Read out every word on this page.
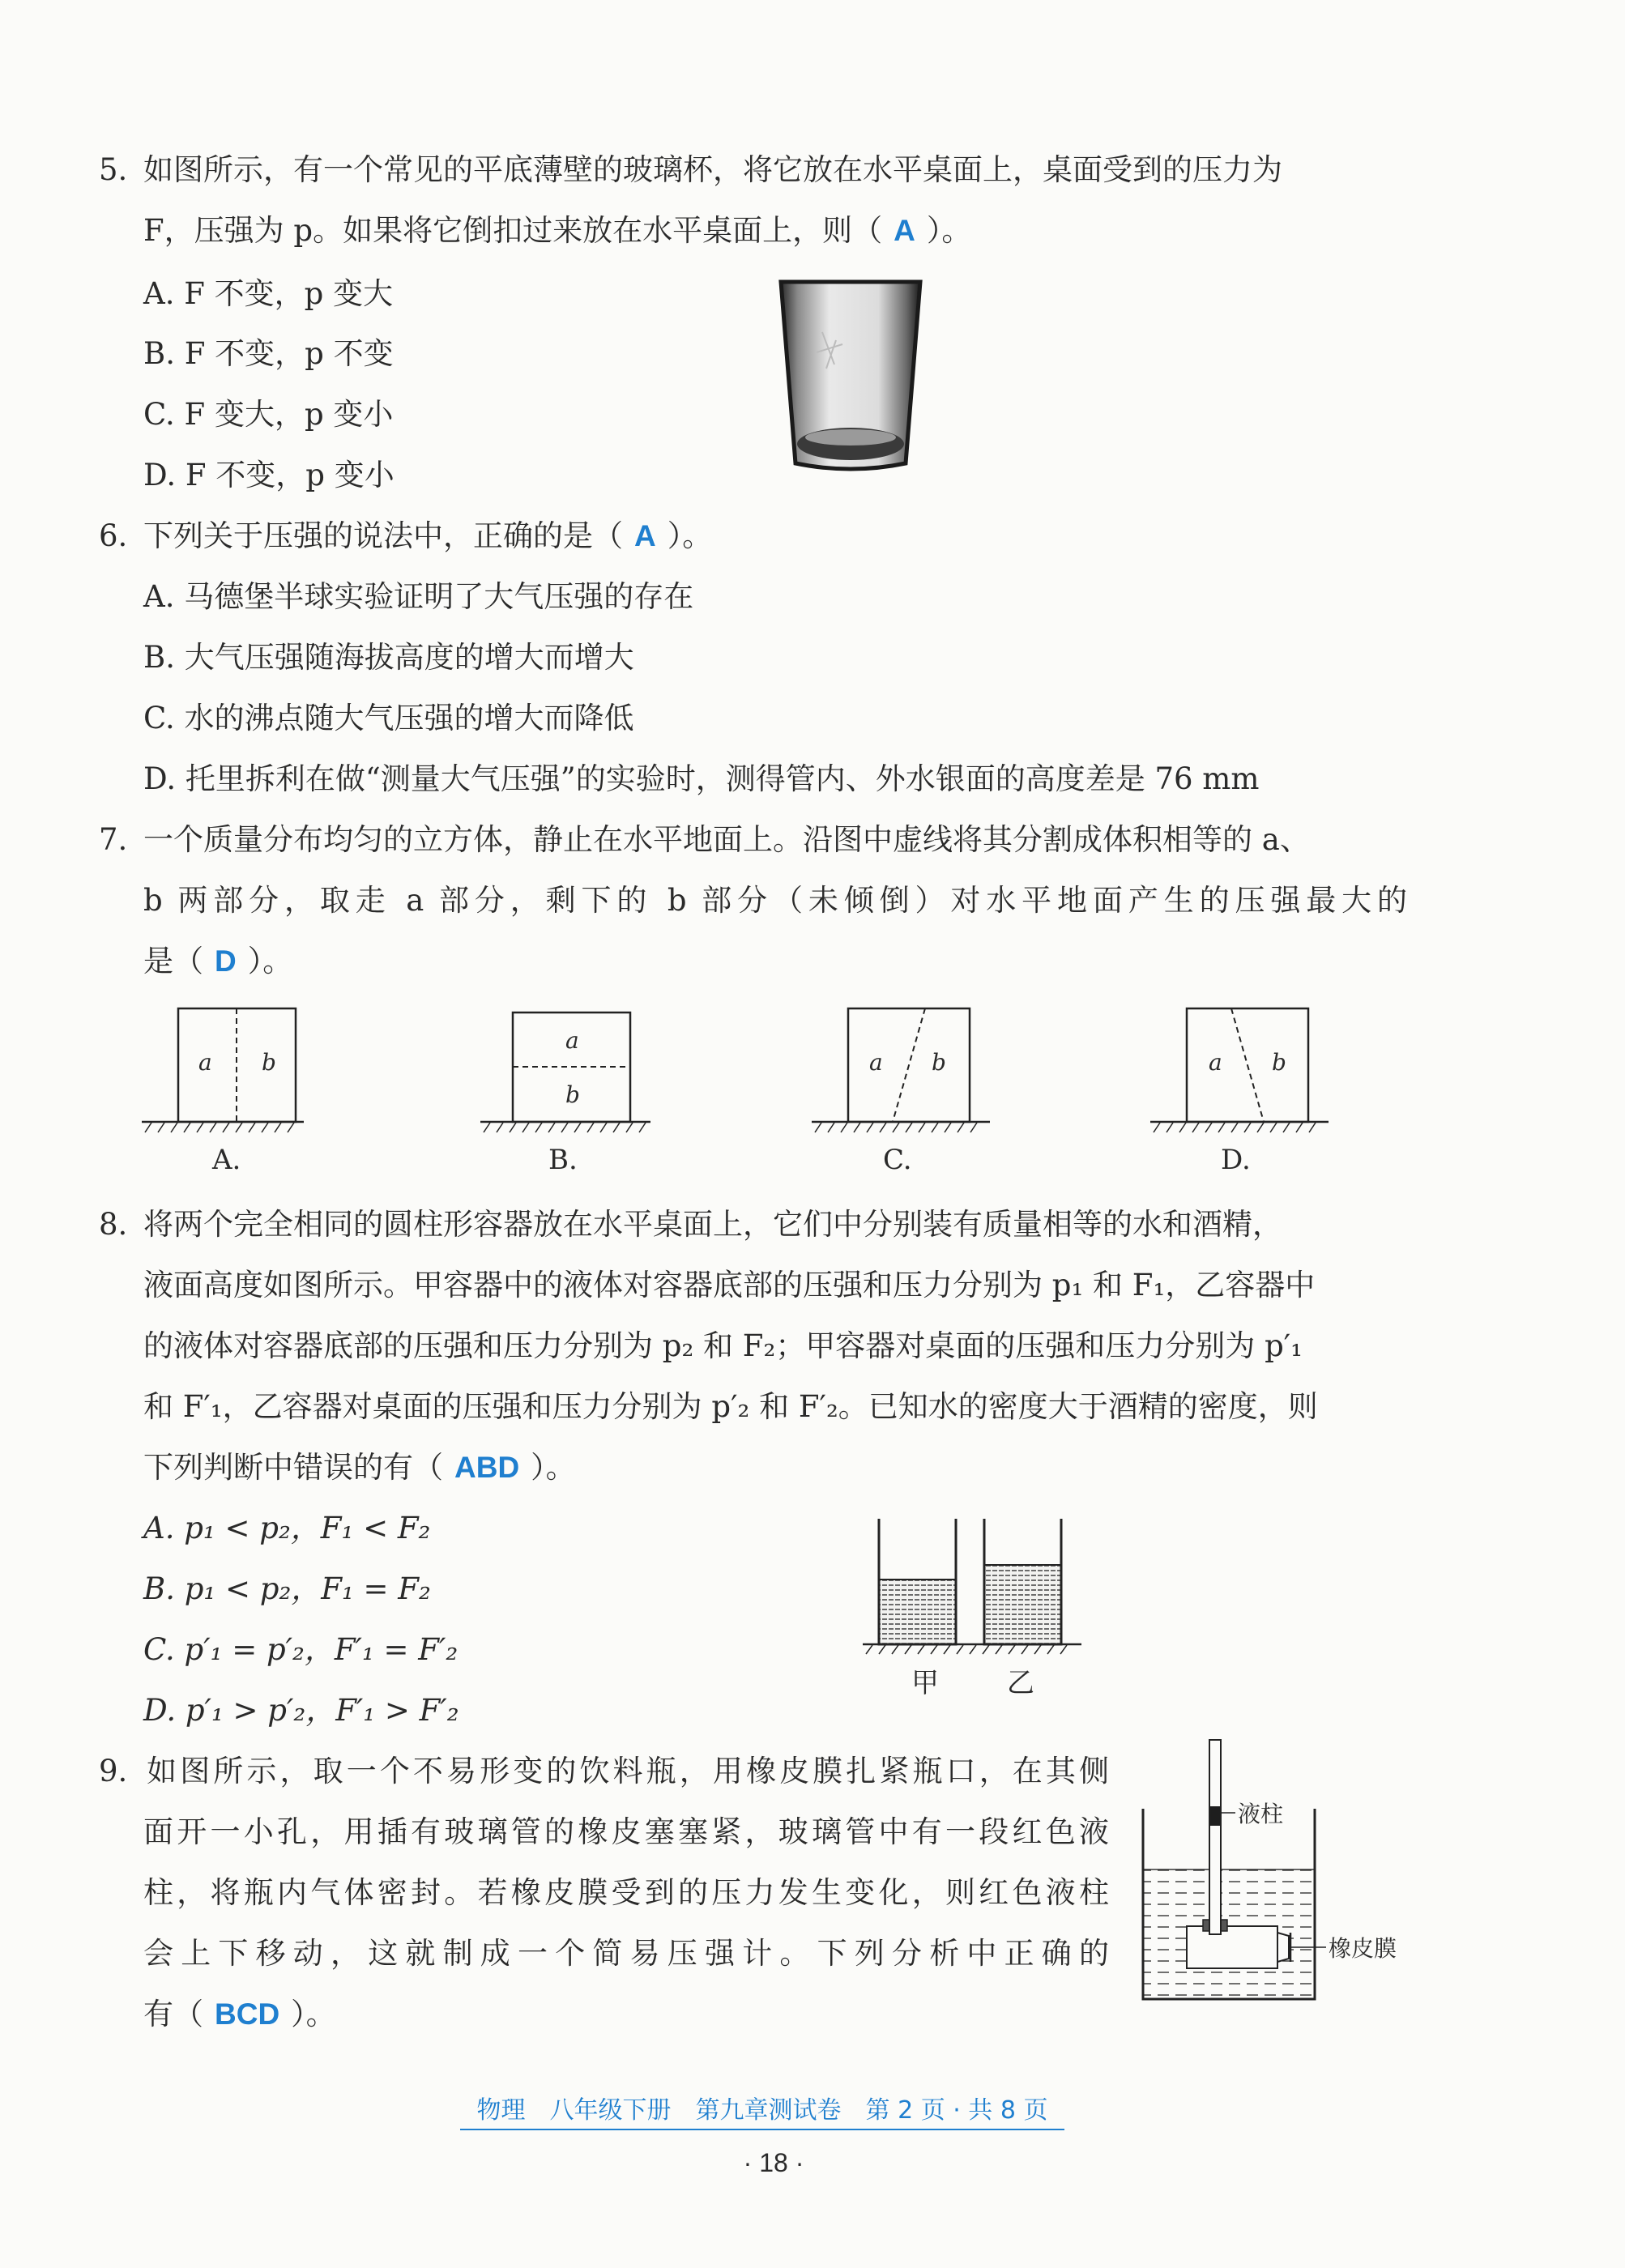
5. 如图所示，有一个常见的平底薄壁的玻璃杯，将它放在水平桌面上，桌面受到的压力为
F，压强为 p。如果将它倒扣过来放在水平桌面上，则（ A ）。
A. F 不变，p 变大
B. F 不变，p 不变
C. F 变大，p 变小
D. F 不变，p 变小
6. 下列关于压强的说法中，正确的是（ A ）。
A. 马德堡半球实验证明了大气压强的存在
B. 大气压强随海拔高度的增大而增大
C. 水的沸点随大气压强的增大而降低
D. 托里拆利在做“测量大气压强”的实验时，测得管内、外水银面的高度差是 76 mm
7. 一个质量分布均匀的立方体，静止在水平地面上。沿图中虚线将其分割成体积相等的 a、
b 两部分，取走 a 部分，剩下的 b 部分（未倾倒）对水平地面产生的压强最大的
是（ D ）。
a b
A.
a
b
B.
a b
C.
a b
D.
8. 将两个完全相同的圆柱形容器放在水平桌面上，它们中分别装有质量相等的水和酒精，
液面高度如图所示。甲容器中的液体对容器底部的压强和压力分别为 p₁ 和 F₁，乙容器中
的液体对容器底部的压强和压力分别为 p₂ 和 F₂；甲容器对桌面的压强和压力分别为 p′₁
和 F′₁，乙容器对桌面的压强和压力分别为 p′₂ 和 F′₂。已知水的密度大于酒精的密度，则
下列判断中错误的有（ ABD ）。
A. p₁ < p₂，F₁ < F₂
B. p₁ < p₂，F₁ = F₂
C. p′₁ = p′₂，F′₁ = F′₂
D. p′₁ > p′₂，F′₁ > F′₂
甲 乙
9. 如图所示，取一个不易形变的饮料瓶，用橡皮膜扎紧瓶口，在其侧
面开一小孔，用插有玻璃管的橡皮塞塞紧，玻璃管中有一段红色液
柱，将瓶内气体密封。若橡皮膜受到的压力发生变化，则红色液柱
会上下移动，这就制成一个简易压强计。下列分析中正确的
有（ BCD ）。
液柱
橡皮膜
物理　八年级下册　第九章测试卷　第 2 页 · 共 8 页
· 18 ·
